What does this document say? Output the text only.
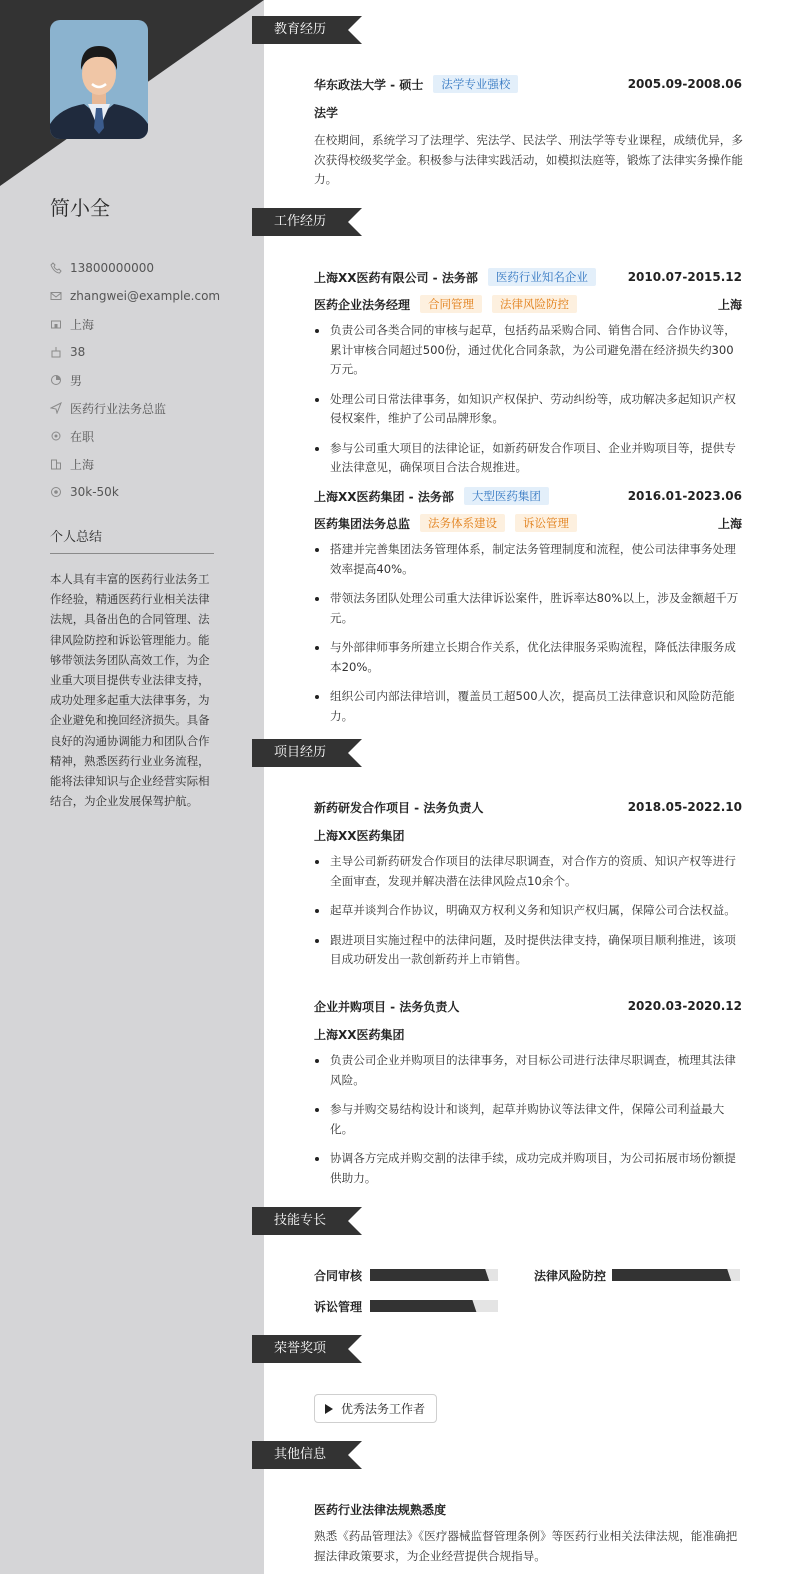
简小全
13800000000
zhangwei@example.com
上海
38
男
医药行业法务总监
在职
上海
30k-50k
个人总结
本人具有丰富的医药行业法务工作经验，精通医药行业相关法律法规，具备出色的合同管理、法律风险防控和诉讼管理能力。能够带领法务团队高效工作，为企业重大项目提供专业法律支持，成功处理多起重大法律事务，为企业避免和挽回经济损失。具备良好的沟通协调能力和团队合作精神，熟悉医药行业业务流程，能将法律知识与企业经营实际相结合，为企业发展保驾护航。
教育经历
华东政法大学 - 硕士	法学专业强校	2005.09-2008.06
法学
在校期间，系统学习了法理学、宪法学、民法学、刑法学等专业课程，成绩优异，多次获得校级奖学金。积极参与法律实践活动，如模拟法庭等，锻炼了法律实务操作能力。
工作经历
上海XX医药有限公司 - 法务部	医药行业知名企业	2010.07-2015.12
医药企业法务经理	合同管理	法律风险防控	上海
负责公司各类合同的审核与起草，包括药品采购合同、销售合同、合作协议等，累计审核合同超过500份，通过优化合同条款，为公司避免潜在经济损失约300万元。
处理公司日常法律事务，如知识产权保护、劳动纠纷等，成功解决多起知识产权侵权案件，维护了公司品牌形象。
参与公司重大项目的法律论证，如新药研发合作项目、企业并购项目等，提供专业法律意见，确保项目合法合规推进。
上海XX医药集团 - 法务部	大型医药集团	2016.01-2023.06
医药集团法务总监	法务体系建设	诉讼管理	上海
搭建并完善集团法务管理体系，制定法务管理制度和流程，使公司法律事务处理效率提高40%。
带领法务团队处理公司重大法律诉讼案件，胜诉率达80%以上，涉及金额超千万元。
与外部律师事务所建立长期合作关系，优化法律服务采购流程，降低法律服务成本20%。
组织公司内部法律培训，覆盖员工超500人次，提高员工法律意识和风险防范能力。
项目经历
新药研发合作项目 - 法务负责人	2018.05-2022.10
上海XX医药集团
主导公司新药研发合作项目的法律尽职调查，对合作方的资质、知识产权等进行全面审查，发现并解决潜在法律风险点10余个。
起草并谈判合作协议，明确双方权利义务和知识产权归属，保障公司合法权益。
跟进项目实施过程中的法律问题，及时提供法律支持，确保项目顺利推进，该项目成功研发出一款创新药并上市销售。
企业并购项目 - 法务负责人	2020.03-2020.12
上海XX医药集团
负责公司企业并购项目的法律事务，对目标公司进行法律尽职调查，梳理其法律风险。
参与并购交易结构设计和谈判，起草并购协议等法律文件，保障公司利益最大化。
协调各方完成并购交割的法律手续，成功完成并购项目，为公司拓展市场份额提供助力。
技能专长
合同审核	法律风险防控
诉讼管理
荣誉奖项
优秀法务工作者
其他信息
医药行业法律法规熟悉度
熟悉《药品管理法》《医疗器械监督管理条例》等医药行业相关法律法规，能准确把握法律政策要求，为企业经营提供合规指导。
